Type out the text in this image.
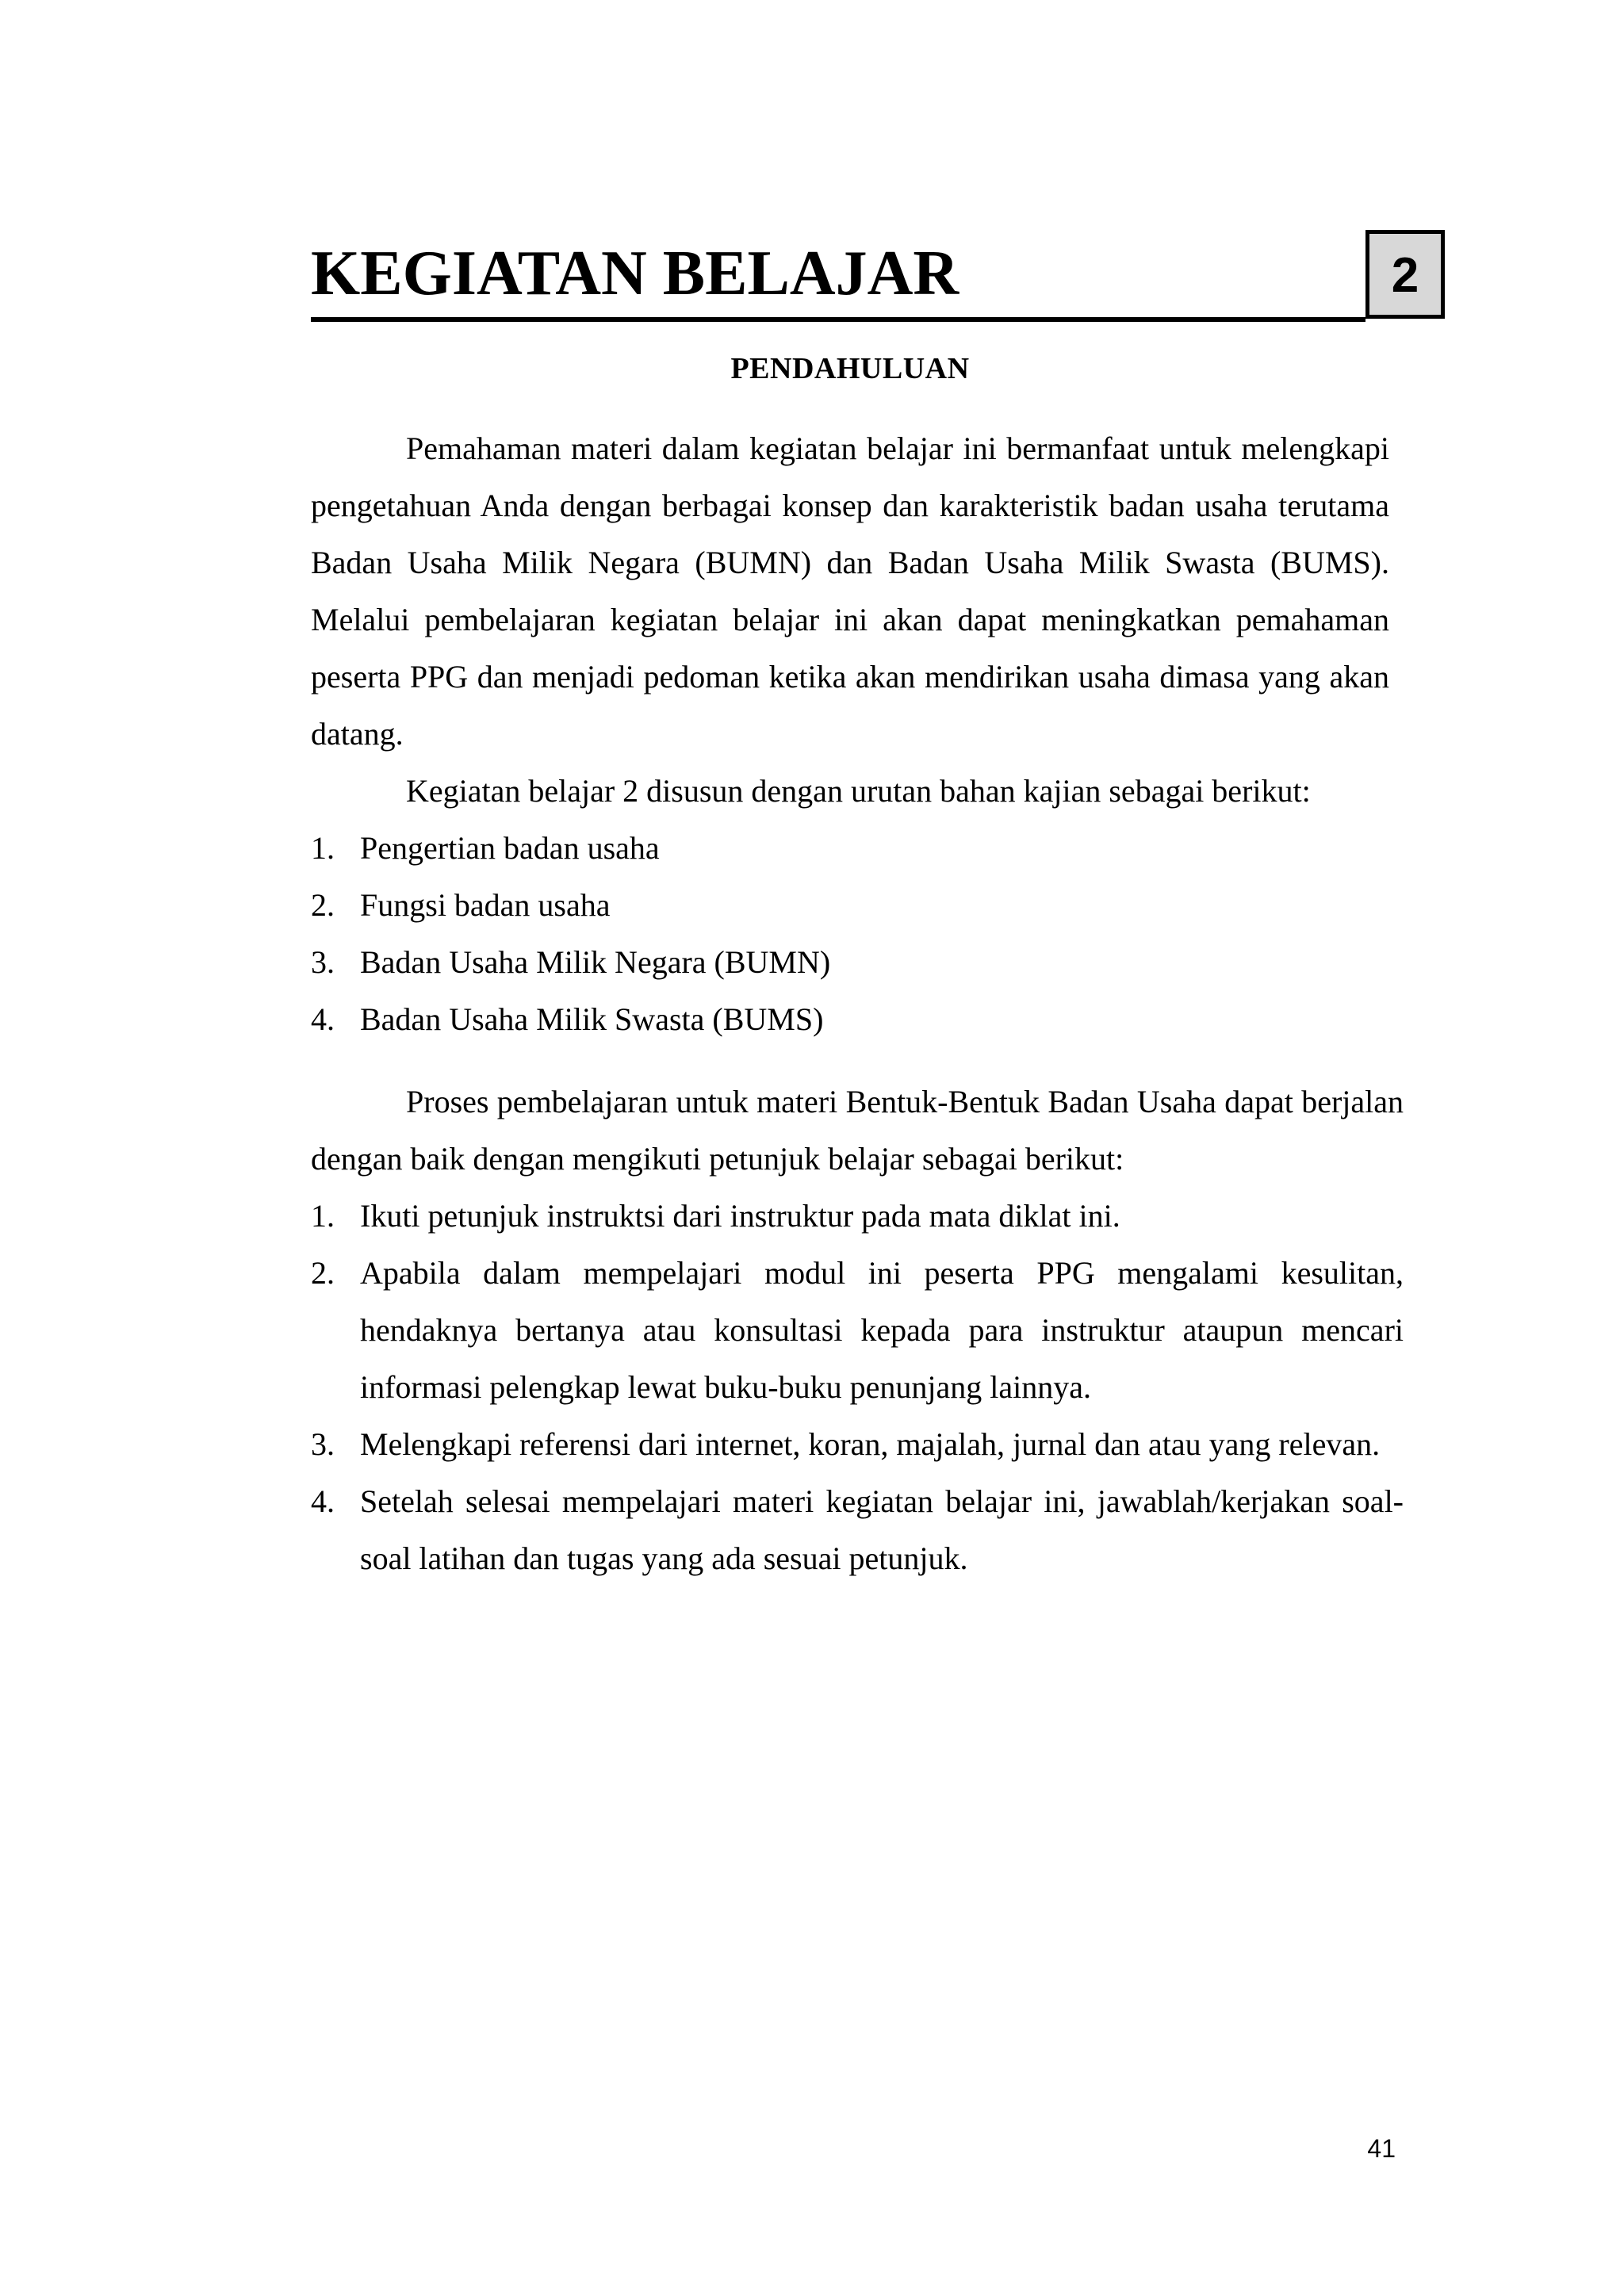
KEGIATAN BELAJAR	2
PENDAHULUAN

Pemahaman materi dalam kegiatan belajar ini bermanfaat untuk melengkapi pengetahuan Anda dengan berbagai konsep dan karakteristik badan usaha terutama Badan Usaha Milik Negara (BUMN) dan Badan Usaha Milik Swasta (BUMS). Melalui pembelajaran kegiatan belajar ini akan dapat meningkatkan pemahaman peserta PPG dan menjadi pedoman ketika akan mendirikan usaha dimasa yang akan datang.

Kegiatan belajar 2 disusun dengan urutan bahan kajian sebagai berikut:

1. Pengertian badan usaha
2. Fungsi badan usaha
3. Badan Usaha Milik Negara (BUMN)
4. Badan Usaha Milik Swasta (BUMS)

Proses pembelajaran untuk materi Bentuk-Bentuk Badan Usaha dapat berjalan dengan baik dengan mengikuti petunjuk belajar sebagai berikut:

1. Ikuti petunjuk instruktsi dari instruktur pada mata diklat ini.
2. Apabila dalam mempelajari modul ini peserta PPG mengalami kesulitan, hendaknya bertanya atau konsultasi kepada para instruktur ataupun mencari informasi pelengkap lewat buku-buku penunjang lainnya.
3. Melengkapi referensi dari internet, koran, majalah, jurnal dan atau yang relevan.
4. Setelah selesai mempelajari materi kegiatan belajar ini, jawablah/kerjakan soal-soal latihan dan tugas yang ada sesuai petunjuk.
41
